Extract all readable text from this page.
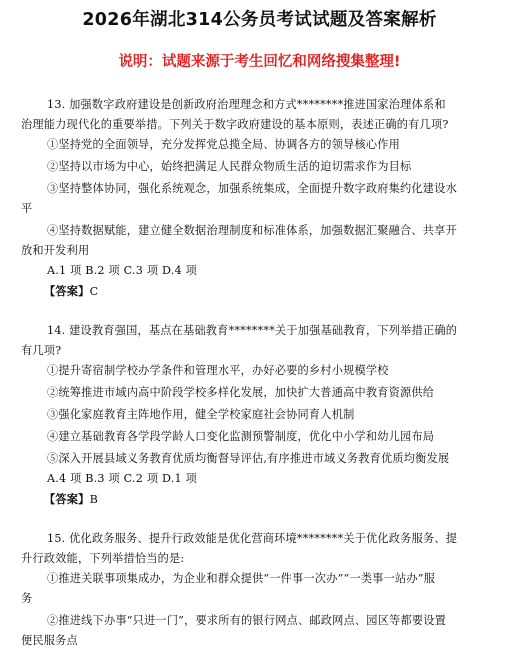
2026年湖北314公务员考试试题及答案解析
说明：试题来源于考生回忆和网络搜集整理!
13. 加强数字政府建设是创新政府治理理念和方式********推进国家治理体系和
治理能力现代化的重要举措。下列关于数字政府建设的基本原则，表述正确的有几项?
①坚持党的全面领导，充分发挥党总揽全局、协调各方的领导核心作用
②坚持以市场为中心，始终把满足人民群众物质生活的迫切需求作为目标
③坚持整体协同，强化系统观念，加强系统集成，全面提升数字政府集约化建设水
平
④坚持数据赋能，建立健全数据治理制度和标准体系，加强数据汇聚融合、共享开
放和开发利用
A.1 项 B.2 项 C.3 项 D.4 项
【答案】C
14. 建设教育强国，基点在基础教育********关于加强基础教育，下列举措正确的
有几项?
①提升寄宿制学校办学条件和管理水平，办好必要的乡村小规模学校
②统筹推进市域内高中阶段学校多样化发展，加快扩大普通高中教育资源供给
③强化家庭教育主阵地作用，健全学校家庭社会协同育人机制
④建立基础教育各学段学龄人口变化监测预警制度，优化中小学和幼儿园布局
⑤深入开展县域义务教育优质均衡督导评估,有序推进市域义务教育优质均衡发展
A.4 项 B.3 项 C.2 项 D.1 项
【答案】B
15. 优化政务服务、提升行政效能是优化营商环境********关于优化政务服务、提
升行政效能，下列举措恰当的是:
①推进关联事项集成办，为企业和群众提供“一件事一次办”“一类事一站办”服
务
②推进线下办事“只进一门”，要求所有的银行网点、邮政网点、园区等都要设置
便民服务点
